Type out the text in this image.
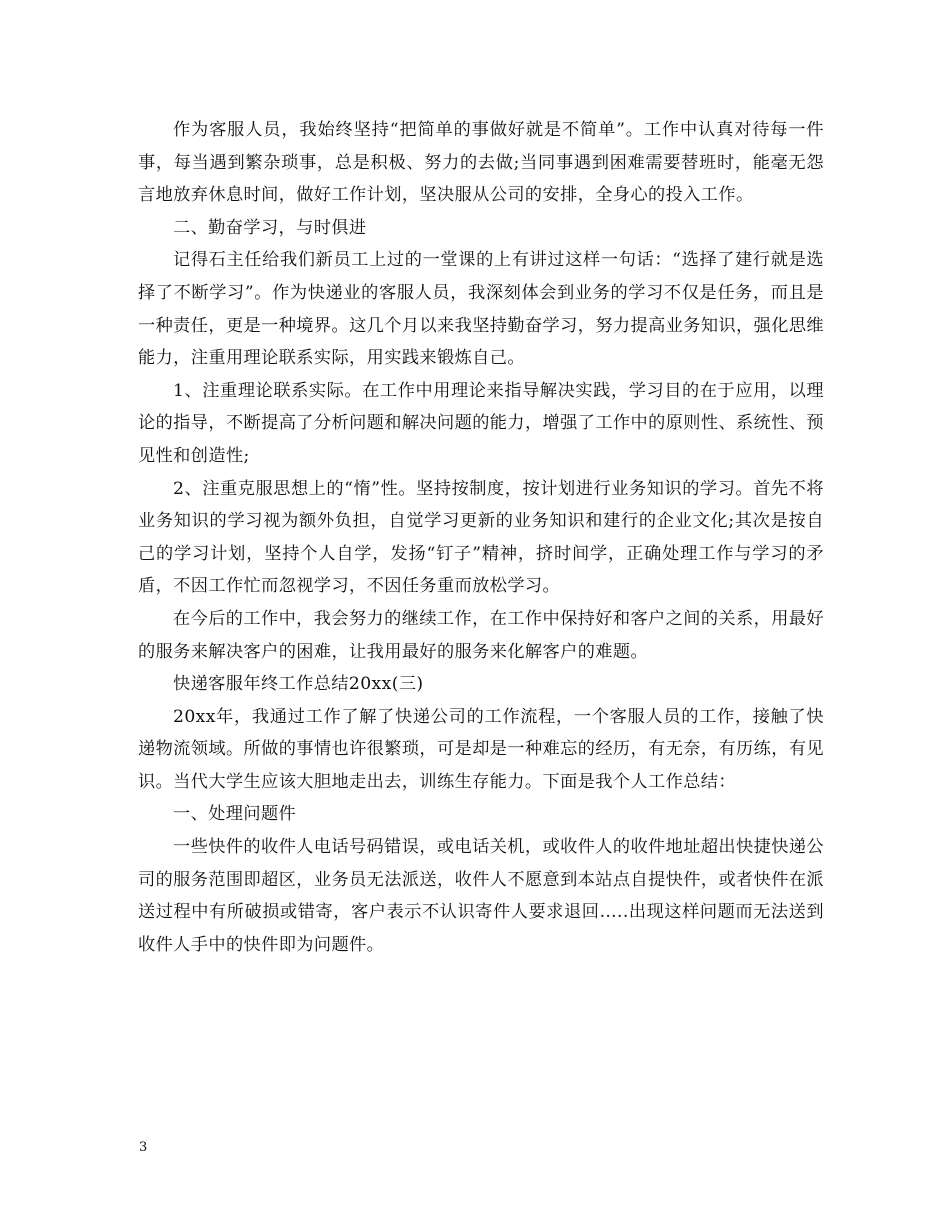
作为客服人员，我始终坚持“把简单的事做好就是不简单”。工作中认真对待每一件事，每当遇到繁杂琐事，总是积极、努力的去做;当同事遇到困难需要替班时，能毫无怨言地放弃休息时间，做好工作计划，坚决服从公司的安排，全身心的投入工作。

二、勤奋学习，与时俱进

记得石主任给我们新员工上过的一堂课的上有讲过这样一句话：“选择了建行就是选择了不断学习”。作为快递业的客服人员，我深刻体会到业务的学习不仅是任务，而且是一种责任，更是一种境界。这几个月以来我坚持勤奋学习，努力提高业务知识，强化思维能力，注重用理论联系实际，用实践来锻炼自己。

1、注重理论联系实际。在工作中用理论来指导解决实践，学习目的在于应用，以理论的指导，不断提高了分析问题和解决问题的能力，增强了工作中的原则性、系统性、预见性和创造性;

2、注重克服思想上的“惰”性。坚持按制度，按计划进行业务知识的学习。首先不将业务知识的学习视为额外负担，自觉学习更新的业务知识和建行的企业文化;其次是按自己的学习计划，坚持个人自学，发扬“钉子”精神，挤时间学，正确处理工作与学习的矛盾，不因工作忙而忽视学习，不因任务重而放松学习。

在今后的工作中，我会努力的继续工作，在工作中保持好和客户之间的关系，用最好的服务来解决客户的困难，让我用最好的服务来化解客户的难题。

快递客服年终工作总结20xx(三)

20xx年，我通过工作了解了快递公司的工作流程，一个客服人员的工作，接触了快递物流领域。所做的事情也许很繁琐，可是却是一种难忘的经历，有无奈，有历练，有见识。当代大学生应该大胆地走出去，训练生存能力。下面是我个人工作总结：

一、处理问题件

一些快件的收件人电话号码错误，或电话关机，或收件人的收件地址超出快捷快递公司的服务范围即超区，业务员无法派送，收件人不愿意到本站点自提快件，或者快件在派送过程中有所破损或错寄，客户表示不认识寄件人要求退回…..出现这样问题而无法送到收件人手中的快件即为问题件。

3
